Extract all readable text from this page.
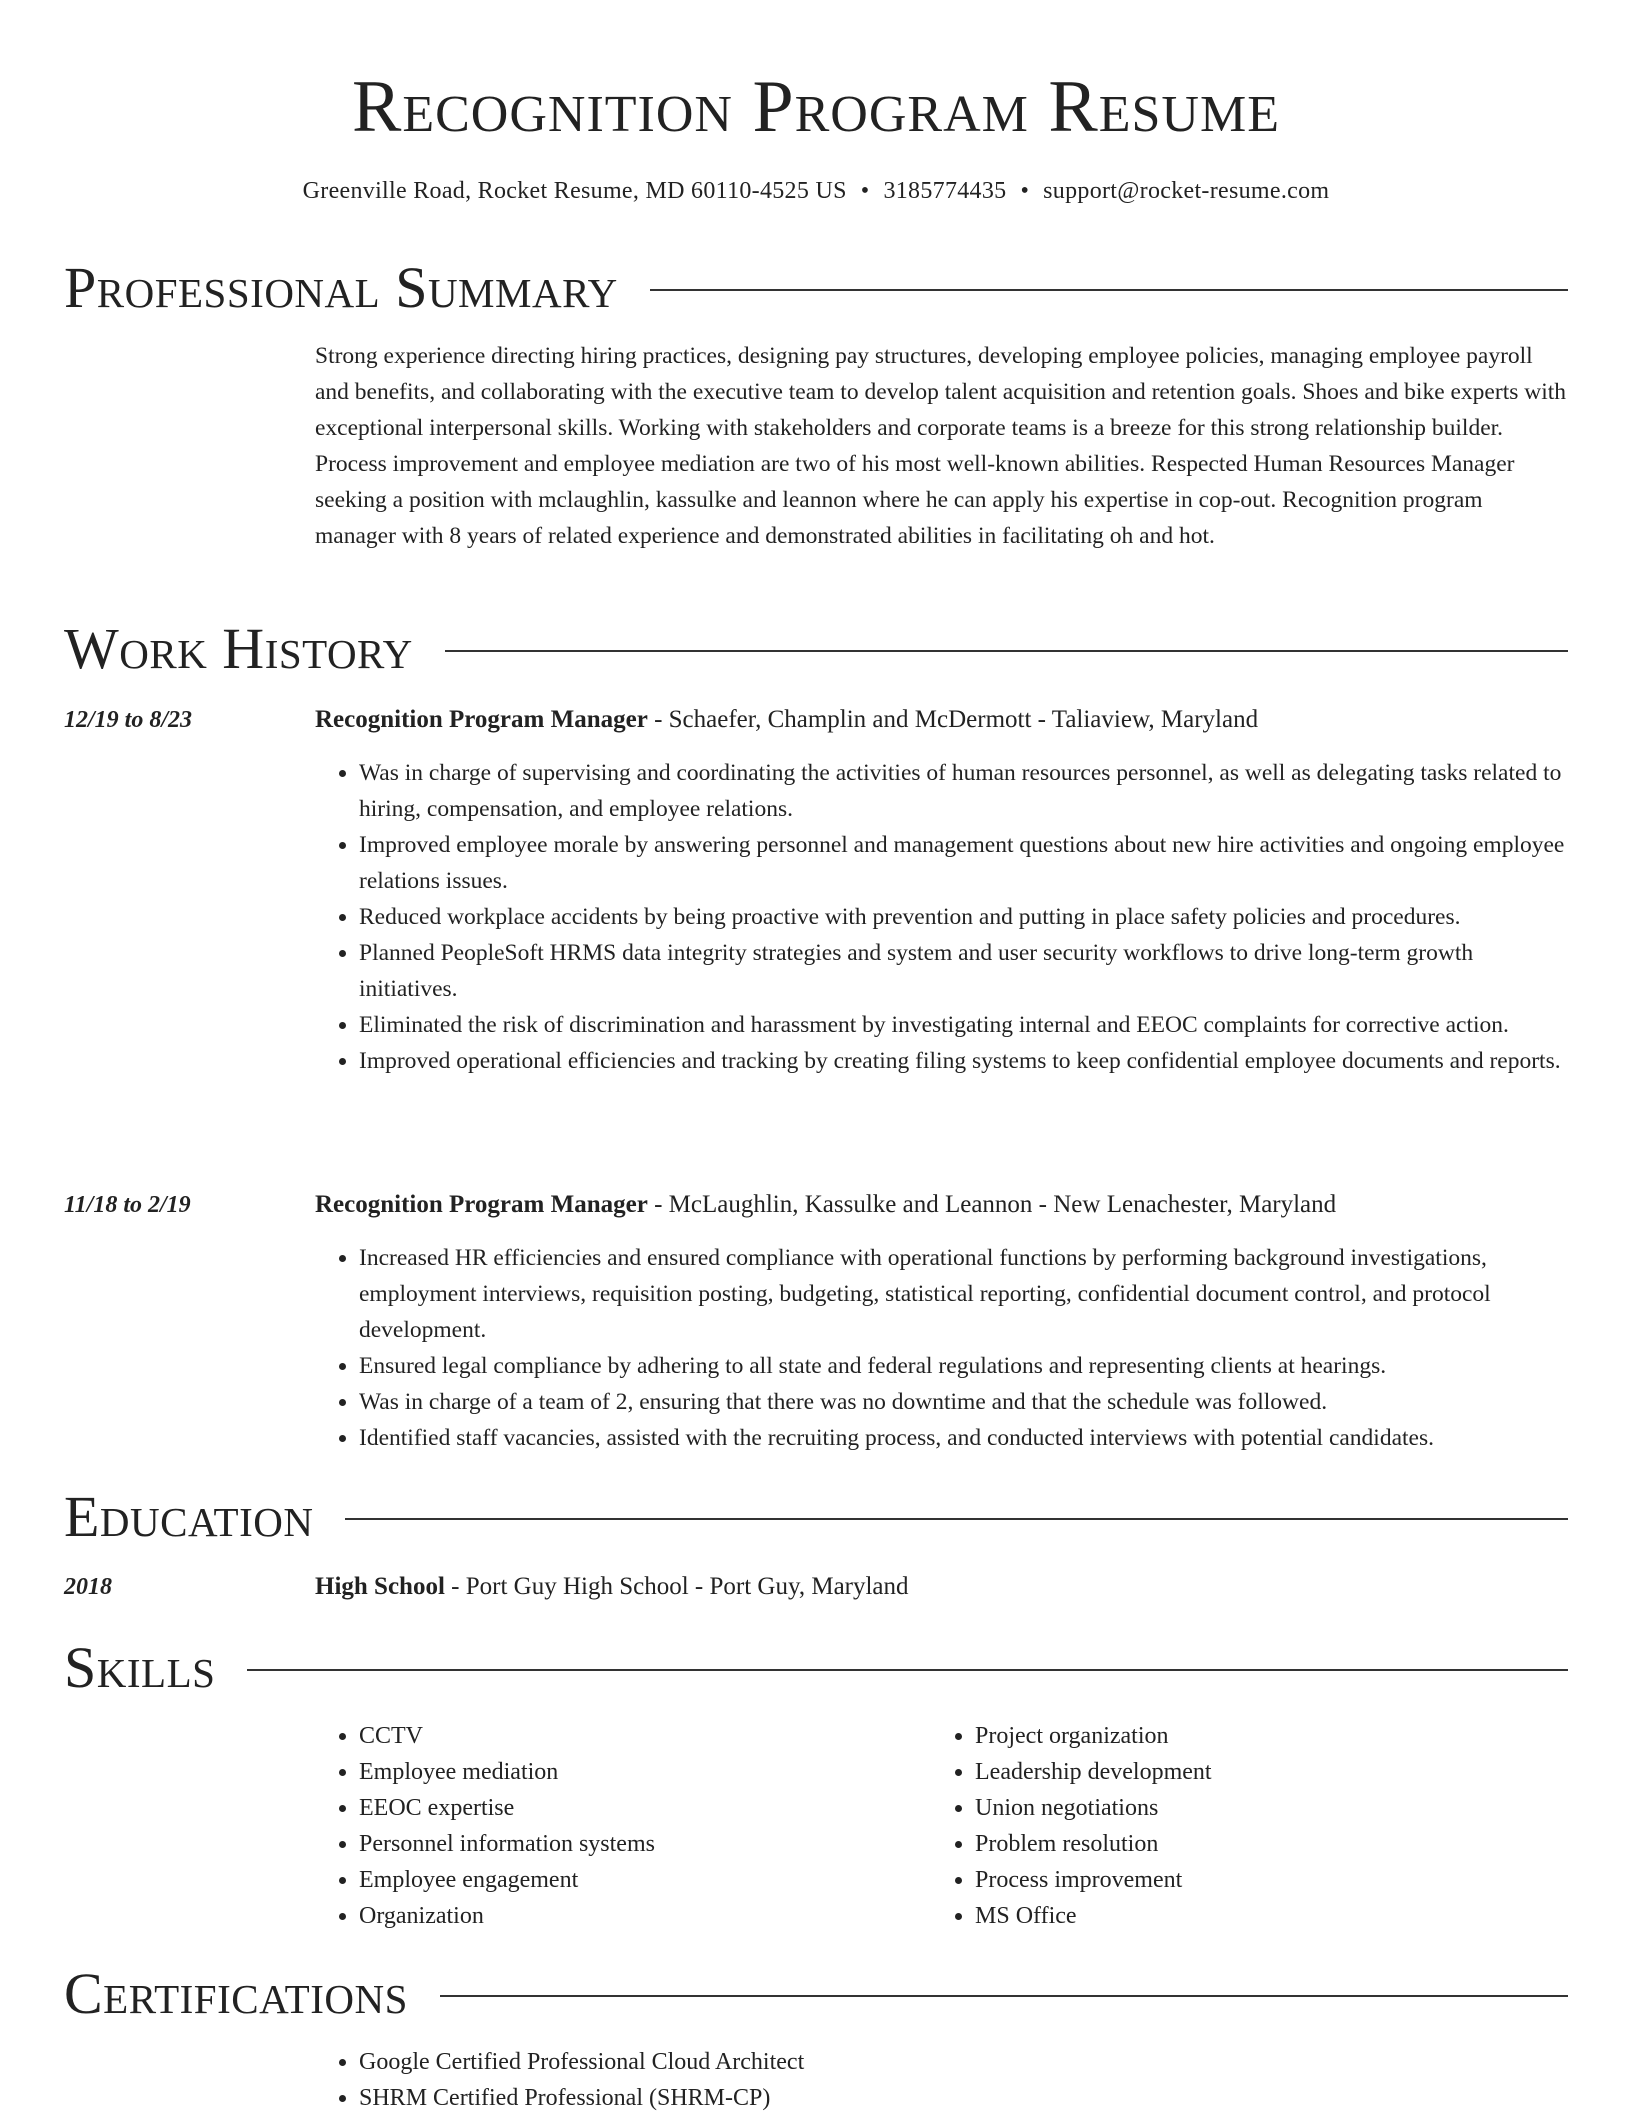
Recognition Program Resume
Greenville Road, Rocket Resume, MD 60110-4525 US • 3185774435 • support@rocket-resume.com
Professional Summary

Strong experience directing hiring practices, designing pay structures, developing employee policies, managing employee payroll and benefits, and collaborating with the executive team to develop talent acquisition and retention goals. Shoes and bike experts with exceptional interpersonal skills. Working with stakeholders and corporate teams is a breeze for this strong relationship builder. Process improvement and employee mediation are two of his most well-known abilities. Respected Human Resources Manager seeking a position with mclaughlin, kassulke and leannon where he can apply his expertise in cop-out. Recognition program manager with 8 years of related experience and demonstrated abilities in facilitating oh and hot.

Work History
12/19 to 8/23	Recognition Program Manager - Schaefer, Champlin and McDermott - Taliaview, Maryland
• Was in charge of supervising and coordinating the activities of human resources personnel, as well as delegating tasks related to hiring, compensation, and employee relations.
• Improved employee morale by answering personnel and management questions about new hire activities and ongoing employee relations issues.
• Reduced workplace accidents by being proactive with prevention and putting in place safety policies and procedures.
• Planned PeopleSoft HRMS data integrity strategies and system and user security workflows to drive long-term growth initiatives.
• Eliminated the risk of discrimination and harassment by investigating internal and EEOC complaints for corrective action.
• Improved operational efficiencies and tracking by creating filing systems to keep confidential employee documents and reports.
11/18 to 2/19	Recognition Program Manager - McLaughlin, Kassulke and Leannon - New Lenachester, Maryland
• Increased HR efficiencies and ensured compliance with operational functions by performing background investigations, employment interviews, requisition posting, budgeting, statistical reporting, confidential document control, and protocol development.
• Ensured legal compliance by adhering to all state and federal regulations and representing clients at hearings.
• Was in charge of a team of 2, ensuring that there was no downtime and that the schedule was followed.
• Identified staff vacancies, assisted with the recruiting process, and conducted interviews with potential candidates.
Education
2018	High School - Port Guy High School - Port Guy, Maryland
Skills
• CCTV
• Employee mediation
• EEOC expertise
• Personnel information systems
• Employee engagement
• Organization
• Project organization
• Leadership development
• Union negotiations
• Problem resolution
• Process improvement
• MS Office
Certifications
• Google Certified Professional Cloud Architect
• SHRM Certified Professional (SHRM-CP)
